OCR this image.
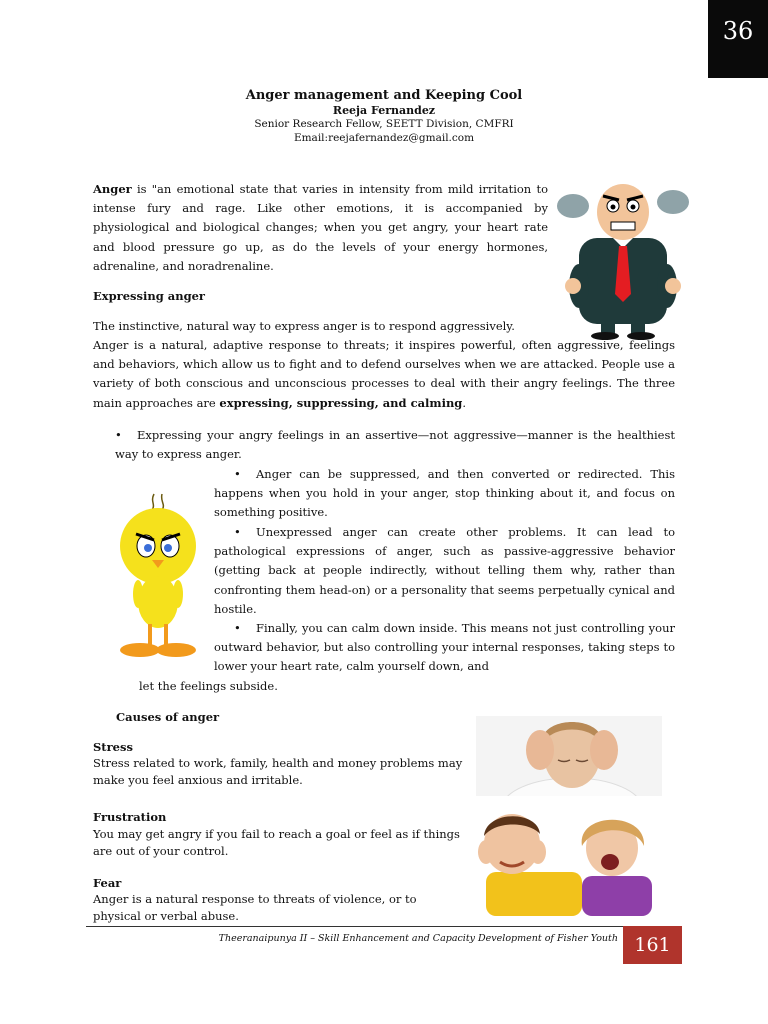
36
Anger management and Keeping Cool
Reeja Fernandez
Senior Research Fellow, SEETT Division, CMFRI
Email:reejafernandez@gmail.com

Anger is "an emotional state that varies in intensity from mild irritation to intense fury and rage. Like other emotions, it is accompanied by physiological and biological changes; when you get angry, your heart rate and blood pressure go up, as do the levels of your energy hormones, adrenaline, and noradrenaline.

Expressing anger

The instinctive, natural way to express anger is to respond aggressively.

Anger is a natural, adaptive response to threats; it inspires powerful, often aggressive, feelings and behaviors, which allow us to fight and to defend ourselves when we are attacked. People use a variety of both conscious and unconscious processes to deal with their angry feelings. The three main approaches are expressing, suppressing, and calming.

• Expressing your angry feelings in an assertive—not aggressive—manner is the healthiest way to express anger.

• Anger can be suppressed, and then converted or redirected. This happens when you hold in your anger, stop thinking about it, and focus on something positive.

• Unexpressed anger can create other problems. It can lead to pathological expressions of anger, such as passive-aggressive behavior (getting back at people indirectly, without telling them why, rather than confronting them head-on) or a personality that seems perpetually cynical and hostile.

• Finally, you can calm down inside. This means not just controlling your outward behavior, but also controlling your internal responses, taking steps to lower your heart rate, calm yourself down, and

let the feelings subside.

Causes of anger

Stress

Stress related to work, family, health and money problems may make you feel anxious and irritable.

Frustration

You may get angry if you fail to reach a goal or feel as if things are out of your control.

Fear

Anger is a natural response to threats of violence, or to physical or verbal abuse.

Theeranaipunya II – Skill Enhancement and Capacity Development of Fisher Youth 161
